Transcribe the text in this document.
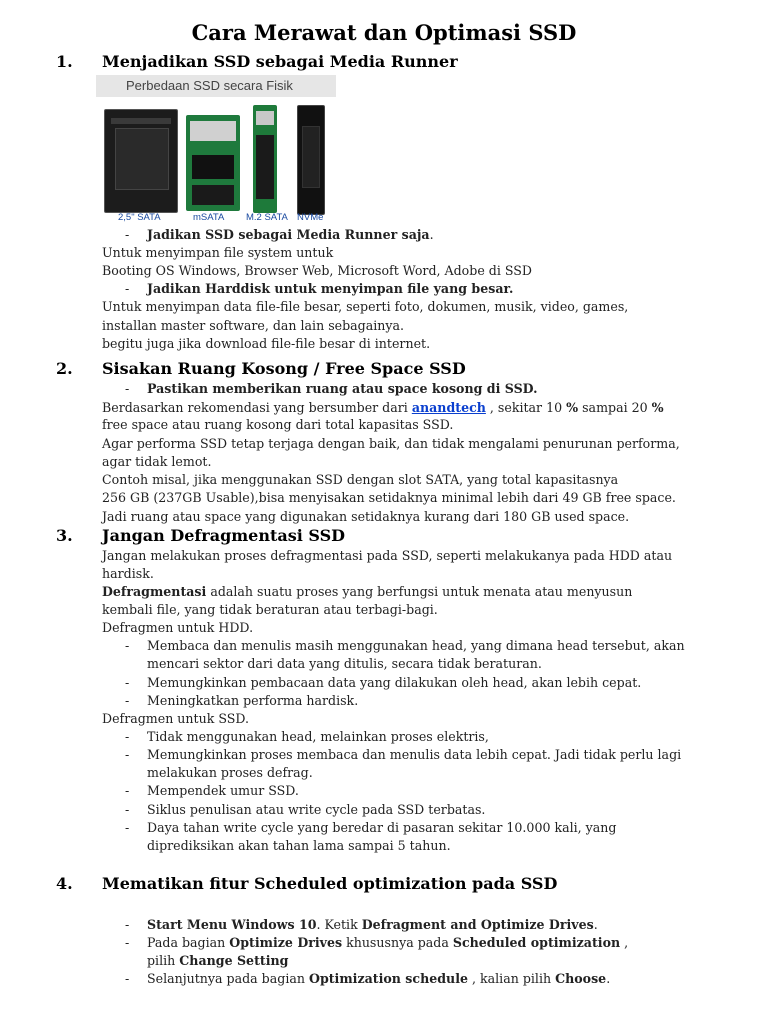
Cara Merawat dan Optimasi SSD
1. Menjadikan SSD sebagai Media Runner
Perbedaan SSD secara Fisik
2,5" SATA	mSATA M.2 SATA NVMe
- Jadikan SSD sebagai Media Runner saja.
Untuk menyimpan file system untuk
Booting OS Windows, Browser Web, Microsoft Word, Adobe di SSD
- Jadikan Harddisk untuk menyimpan file yang besar.
Untuk menyimpan data file-file besar, seperti foto, dokumen, musik, video, games,
installan master software, dan lain sebagainya.
begitu juga jika download file-file besar di internet.
2. Sisakan Ruang Kosong / Free Space SSD
- Pastikan memberikan ruang atau space kosong di SSD.
Berdasarkan rekomendasi yang bersumber dari anandtech , sekitar 10 % sampai 20 %
free space atau ruang kosong dari total kapasitas SSD.
Agar performa SSD tetap terjaga dengan baik, dan tidak mengalami penurunan performa,
agar tidak lemot.
Contoh misal, jika menggunakan SSD dengan slot SATA, yang total kapasitasnya
256 GB (237GB Usable),bisa menyisakan setidaknya minimal lebih dari 49 GB free space.
Jadi ruang atau space yang digunakan setidaknya kurang dari 180 GB used space.
3. Jangan Defragmentasi SSD
Jangan melakukan proses defragmentasi pada SSD, seperti melakukanya pada HDD atau
hardisk.
Defragmentasi adalah suatu proses yang berfungsi untuk menata atau menyusun
kembali file, yang tidak beraturan atau terbagi-bagi.
Defragmen untuk HDD.
- Membaca dan menulis masih menggunakan head, yang dimana head tersebut, akan
mencari sektor dari data yang ditulis, secara tidak beraturan.
- Memungkinkan pembacaan data yang dilakukan oleh head, akan lebih cepat.
- Meningkatkan performa hardisk.
Defragmen untuk SSD.
- Tidak menggunakan head, melainkan proses elektris,
- Memungkinkan proses membaca dan menulis data lebih cepat. Jadi tidak perlu lagi
melakukan proses defrag.
- Mempendek umur SSD.
- Siklus penulisan atau write cycle pada SSD terbatas.
- Daya tahan write cycle yang beredar di pasaran sekitar 10.000 kali, yang
diprediksikan akan tahan lama sampai 5 tahun.
4. Mematikan fitur Scheduled optimization pada SSD
- Start Menu Windows 10. Ketik Defragment and Optimize Drives.
- Pada bagian Optimize Drives khususnya pada Scheduled optimization ,
pilih Change Setting
- Selanjutnya pada bagian Optimization schedule , kalian pilih Choose.
